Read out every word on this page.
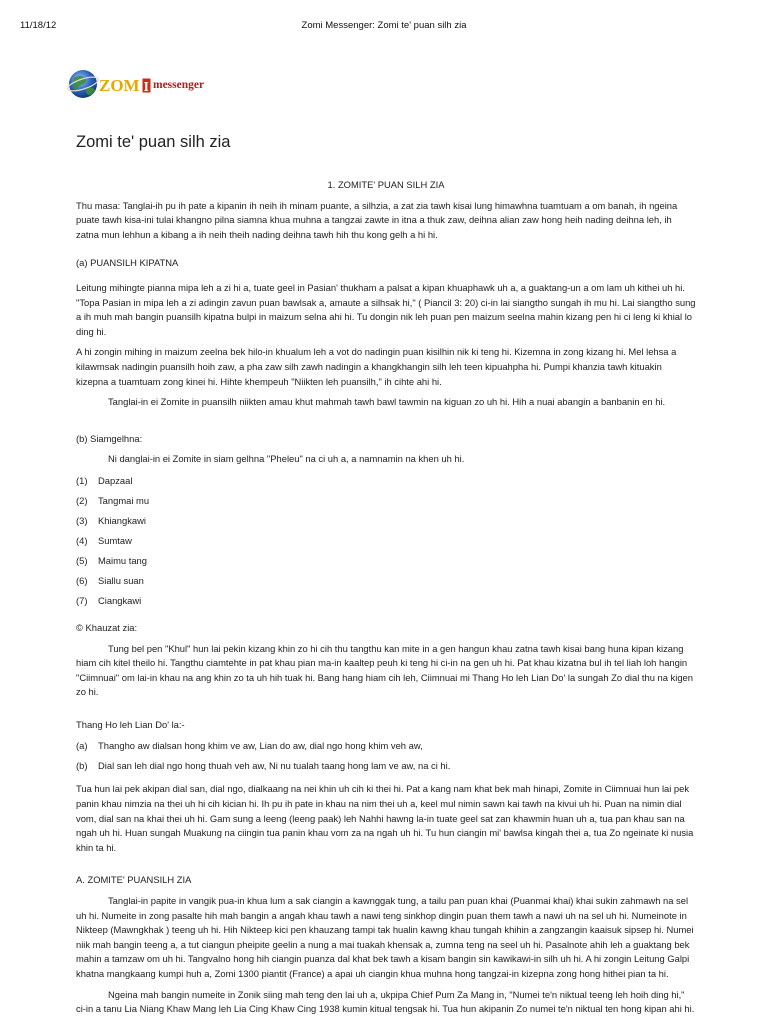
11/18/12	Zomi Messenger: Zomi te' puan silh zia
ZOM I messenger
Zomi te' puan silh zia

1. ZOMITE' PUAN SILH ZIA

Thu masa: Tanglai-ih pu ih pate a kipanin ih neih ih minam puante, a silhzia, a zat zia tawh kisai lung himawhna tuamtuam a om banah, ih ngeina puate tawh kisa-ini tulai khangno pilna siamna khua muhna a tangzai zawte in itna a thuk zaw, deihna alian zaw hong heih nading deihna leh, ih zatna mun lehhun a kibang a ih neih theih nading deihna tawh hih thu kong gelh a hi hi.

(a) PUANSILH KIPATNA

Leitung mihingte pianna mipa leh a zi hi a, tuate geel in Pasian' thukham a palsat a kipan khuaphawk uh a, a guaktang-un a om lam uh kithei uh hi. "Topa Pasian in mipa leh a zi adingin zavun puan bawlsak a, amaute a silhsak hi," ( Piancil 3: 20) ci-in lai siangtho sungah ih mu hi. Lai siangtho sung a ih muh mah bangin puansilh kipatna bulpi in maizum selna ahi hi. Tu dongin nik leh puan pen maizum seelna mahin kizang pen hi ci leng ki khial lo ding hi.

A hi zongin mihing in maizum zeelna bek hilo-in khualum leh a vot do nadingin puan kisilhin nik ki teng hi. Kizemna in zong kizang hi. Mel lehsa a kilawmsak nadingin puansilh hoih zaw, a pha zaw silh zawh nadingin a khangkhangin silh leh teen kipuahpha hi. Pumpi khanzia tawh kituakin kizepna a tuamtuam zong kinei hi. Hihte khempeuh "Niikten leh puansilh," ih cihte ahi hi.

Tanglai-in ei Zomite in puansilh niikten amau khut mahmah tawh bawl tawmin na kiguan zo uh hi. Hih a nuai abangin a banbanin en hi.

(b) Siamgelhna:

Ni danglai-in ei Zomite in siam gelhna "Pheleu" na ci uh a, a namnamin na khen uh hi.

(1)	Dapzaal
(2)	Tangmai mu
(3)	Khiangkawi
(4)	Sumtaw
(5)	Maimu tang
(6)	Siallu suan
(7)	Ciangkawi

© Khauzat zia:

Tung bel pen "Khul" hun lai pekin kizang khin zo hi cih thu tangthu kan mite in a gen hangun khau zatna tawh kisai bang huna kipan kizang hiam cih kitel theilo hi. Tangthu ciamtehte in pat khau pian ma-in kaaltep peuh ki teng hi ci-in na gen uh hi. Pat khau kizatna bul ih tel liah loh hangin "Ciimnuai" om lai-in khau na ang khin zo ta uh hih tuak hi. Bang hang hiam cih leh, Ciimnuai mi Thang Ho leh Lian Do' la sungah Zo dial thu na kigen zo hi.

Thang Ho leh Lian Do' la:-

(a)	Thangho aw dialsan hong khim ve aw, Lian do aw, dial ngo hong khim veh aw,
(b)	Dial san leh dial ngo hong thuah veh aw, Ni nu tualah taang hong lam ve aw, na ci hi.

Tua hun lai pek akipan dial san, dial ngo, dialkaang na nei khin uh cih ki thei hi. Pat a kang nam khat bek mah hinapi, Zomite in Ciimnuai hun lai pek panin khau nimzia na thei uh hi cih kician hi. Ih pu ih pate in khau na nim thei uh a, keel mul nimin sawn kai tawh na kivui uh hi. Puan na nimin dial vom, dial san na khai thei uh hi. Gam sung a leeng (leeng paak) leh Nahhi hawng la-in tuate geel sat zan khawmin huan uh a, tua pan khau san na ngah uh hi. Huan sungah Muakung na ciingin tua panin khau vom za na ngah uh hi. Tu hun ciangin mi' bawlsa kingah thei a, tua Zo ngeinate ki nusia khin ta hi.

A. ZOMITE' PUANSILH ZIA

Tanglai-in papite in vangik pua-in khua lum a sak ciangin a kawnggak tung, a tailu pan puan khai (Puanmai khai) khai sukin zahmawh na sel uh hi. Numeite in zong pasalte hih mah bangin a angah khau tawh a nawi teng sinkhop dingin puan them tawh a nawi uh na sel uh hi. Numeinote in Nikteep (Mawngkhak ) teeng uh hi. Hih Nikteep kici pen khauzang tampi tak hualin kawng khau tungah khihin a zangzangin kaaisuk sipsep hi. Numei niik mah bangin teeng a, a tut ciangun pheipite geelin a nung a mai tuakah khensak a, zumna teng na seel uh hi. Pasalnote ahih leh a guaktang bek mahin a tamzaw om uh hi. Tangvalno hong hih ciangin puanza dal khat bek tawh a kisam bangin sin kawikawi-in silh uh hi. A hi zongin Leitung Galpi khatna mangkaang kumpi huh a, Zomi 1300 piantit (France) a apai uh ciangin khua muhna hong tangzai-in kizepna zong hong hithei pian ta hi.

Ngeina mah bangin numeite in Zonik siing mah teng den lai uh a, ukpipa Chief Pum Za Mang in, "Numei te'n niktual teeng leh hoih ding hi," ci-in a tanu Lia Niang Khaw Mang leh Lia Cing Khaw Cing 1938 kumin kitual tengsak hi. Tua hun akipanin Zo numei te'n niktual ten hong kipan ahi hi.
